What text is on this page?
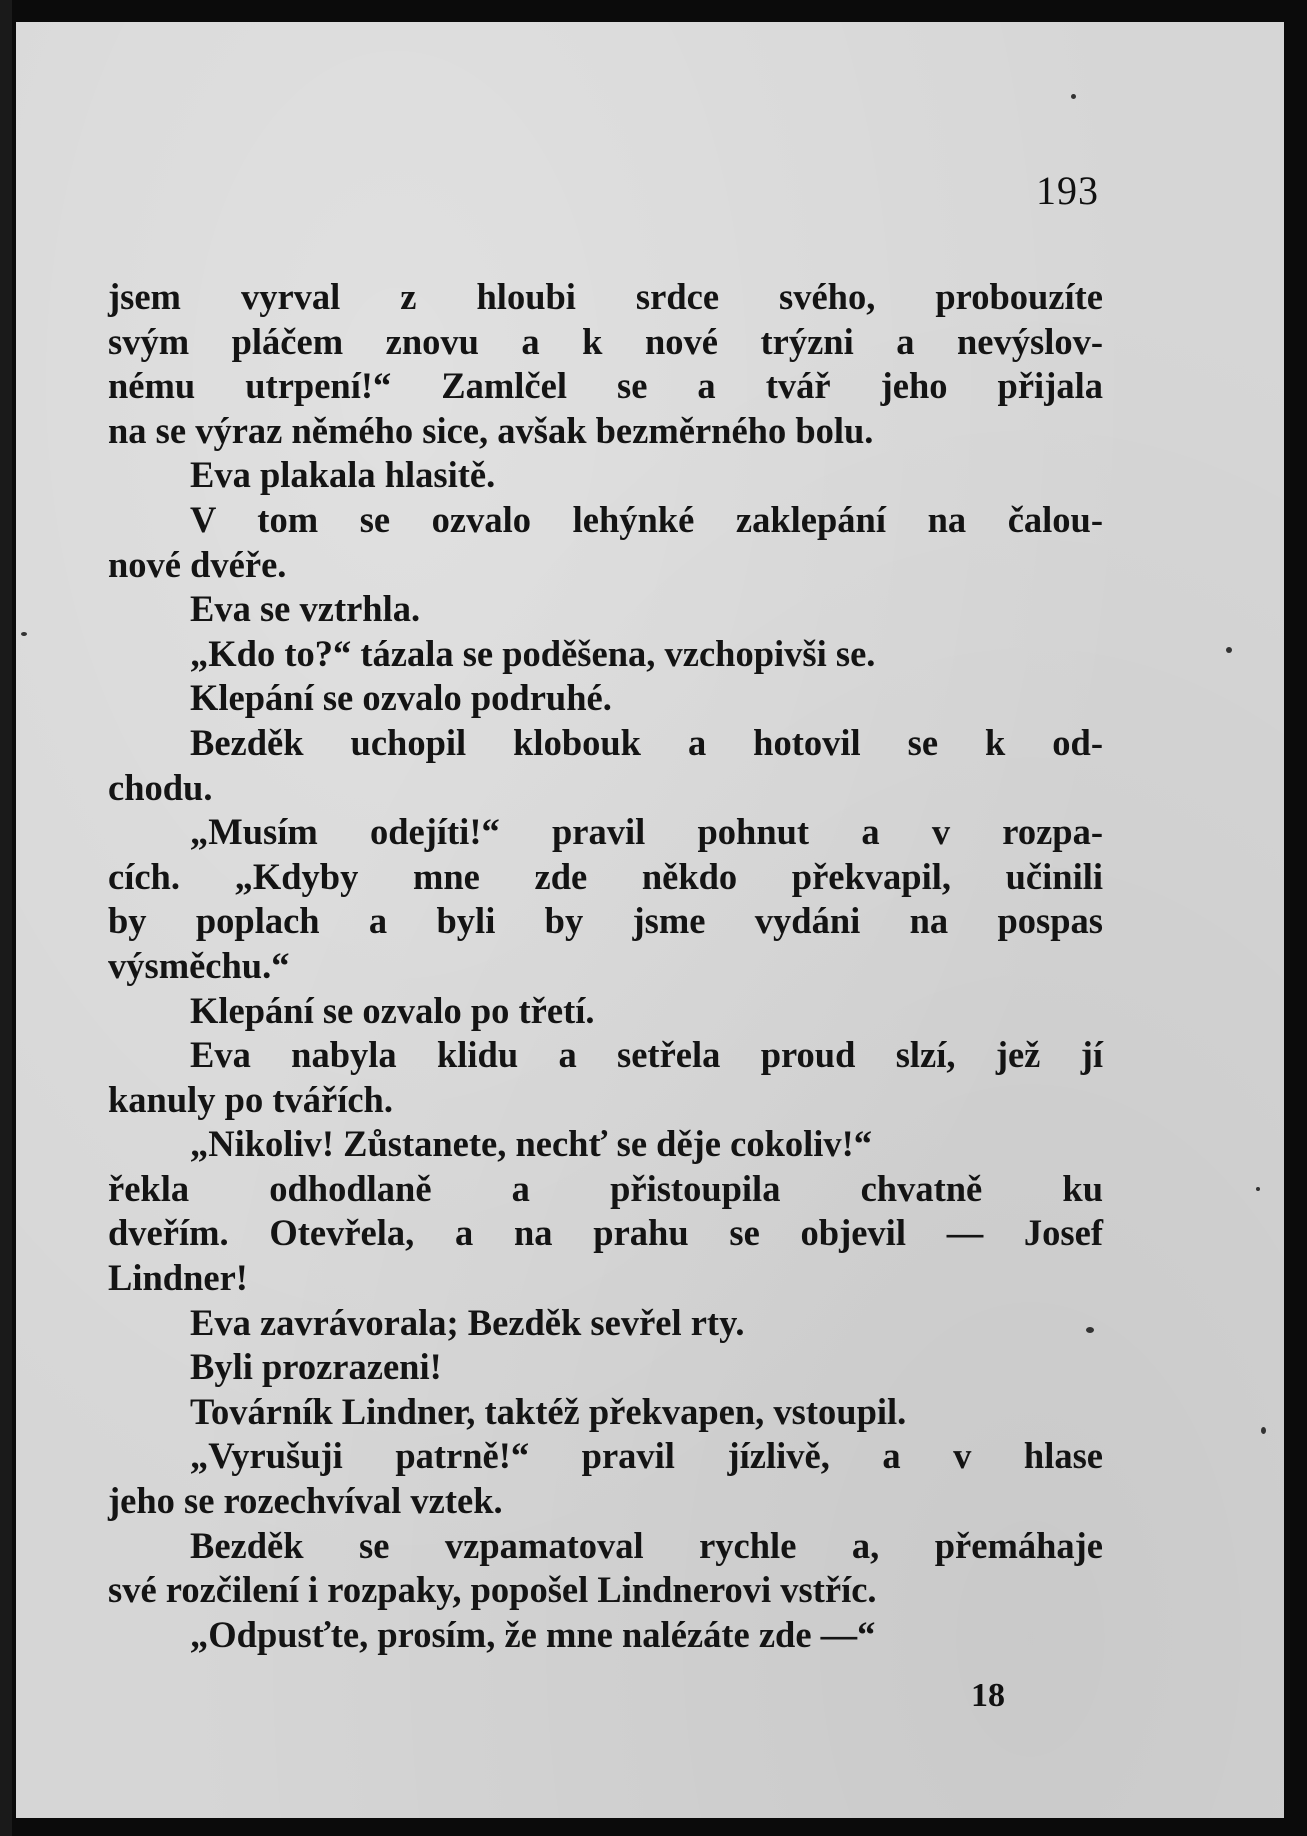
193
jsem vyrval z hloubi srdce svého, probouzíte
svým pláčem znovu a k nové trýzni a nevýslov-
nému utrpení!“ Zamlčel se a tvář jeho přijala
na se výraz němého sice, avšak bezměrného bolu.
Eva plakala hlasitě.
V tom se ozvalo lehýnké zaklepání na čalou-
nové dvéře.
Eva se vztrhla.
„Kdo to?“ tázala se poděšena, vzchopivši se.
Klepání se ozvalo podruhé.
Bezděk uchopil klobouk a hotovil se k od-
chodu.
„Musím odejíti!“ pravil pohnut a v rozpa-
cích. „Kdyby mne zde někdo překvapil, učinili
by poplach a byli by jsme vydáni na pospas
výsměchu.“
Klepání se ozvalo po třetí.
Eva nabyla klidu a setřela proud slzí, jež jí
kanuly po tvářích.
„Nikoliv! Zůstanete, nechť se děje cokoliv!“
řekla odhodlaně a přistoupila chvatně ku
dveřím. Otevřela, a na prahu se objevil — Josef
Lindner!
Eva zavrávorala; Bezděk sevřel rty.
Byli prozrazeni!
Továrník Lindner, taktéž překvapen, vstoupil.
„Vyrušuji patrně!“ pravil jízlivě, a v hlase
jeho se rozechvíval vztek.
Bezděk se vzpamatoval rychle a, přemáhaje
své rozčilení i rozpaky, popošel Lindnerovi vstříc.
„Odpusťte, prosím, že mne nalézáte zde —“
18
